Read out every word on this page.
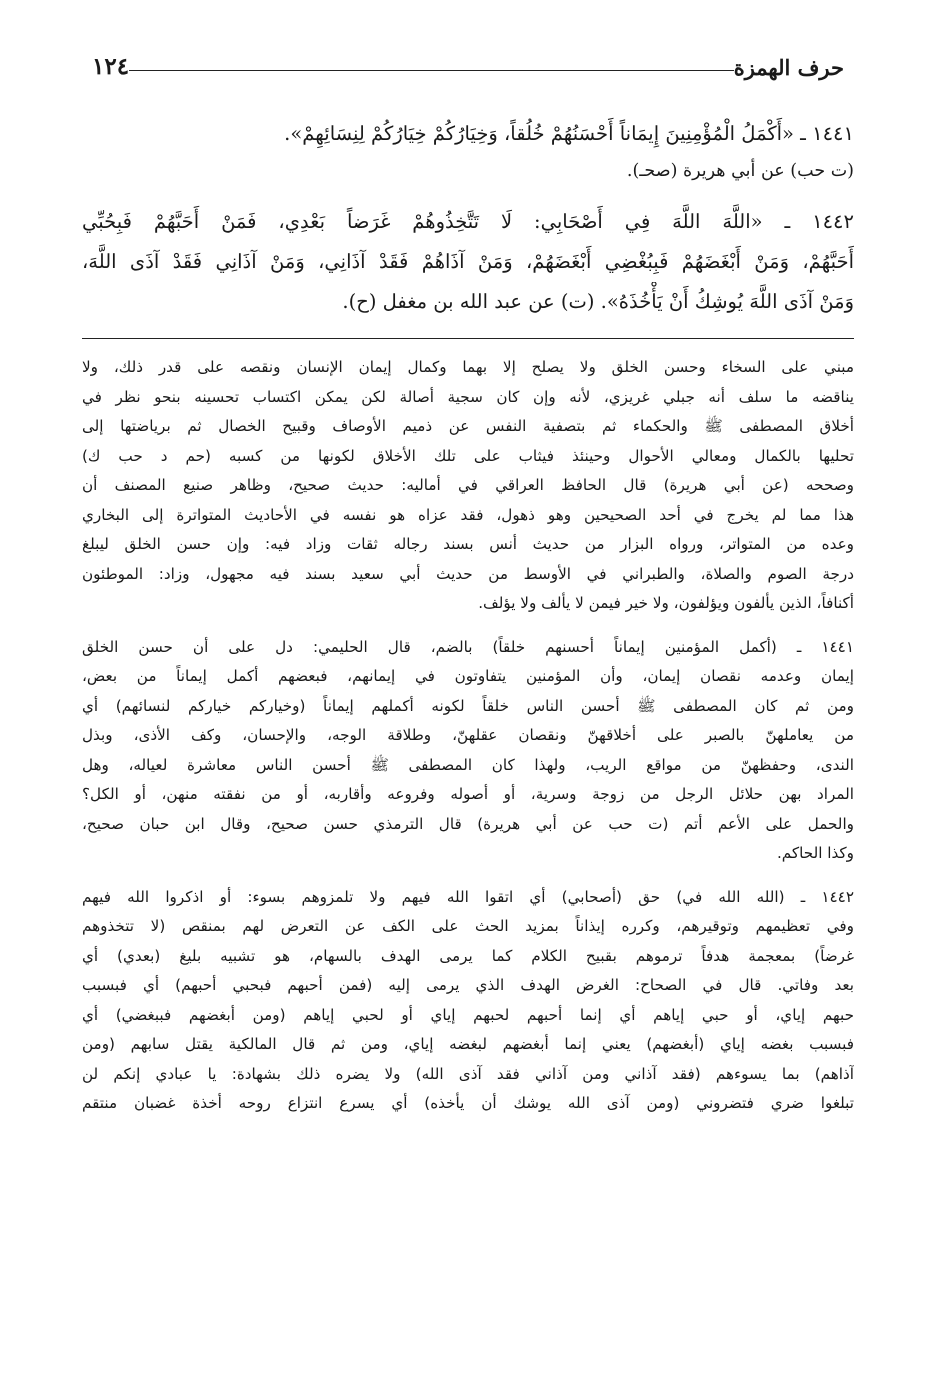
حرف الهمزة
١٢٤
١٤٤١ ـ «أَكْمَلُ الْمُؤْمِنِينَ إِيمَاناً أَحْسَنُهُمْ خُلُقاً، وَخِيَارُكُمْ خِيَارُكُمْ لِنِسَائِهِمْ».
(ت حب) عن أبي هريرة (صحـ).
١٤٤٢ ـ «اللَّهَ اللَّهَ فِي أَصْحَابِي: لَا تَتَّخِذُوهُمْ غَرَضاً بَعْدِي، فَمَنْ أَحَبَّهُمْ فَبِحُبِّي
أَحَبَّهُمْ، وَمَنْ أَبْغَضَهُمْ فَبِبُغْضِي أَبْغَضَهُمْ، وَمَنْ آذَاهُمْ فَقَدْ آذَانِي، وَمَنْ آذَانِي فَقَدْ آذَى اللَّهَ،
وَمَنْ آذَى اللَّهَ يُوشِكُ أَنْ يَأْخُذَهُ». (ت) عن عبد الله بن مغفل (ح).
مبني على السخاء وحسن الخلق ولا يصلح إلا بهما وكمال إيمان الإنسان ونقصه على قدر ذلك، ولا
يناقضه ما سلف أنه جبلي غريزي، لأنه وإن كان سجية أصالة لكن يمكن اكتساب تحسينه بنحو نظر في
أخلاق المصطفى ﷺ والحكماء ثم بتصفية النفس عن ذميم الأوصاف وقبيح الخصال ثم برياضتها إلى
تحليها بالكمال ومعالي الأحوال وحينئذ فيثاب على تلك الأخلاق لكونها من كسبه (حم د حب ك)
وصححه (عن أبي هريرة) قال الحافظ العراقي في أماليه: حديث صحيح، وظاهر صنيع المصنف أن
هذا مما لم يخرج في أحد الصحيحين وهو ذهول، فقد عزاه هو نفسه في الأحاديث المتواترة إلى البخاري
وعده من المتواتر، ورواه البزار من حديث أنس بسند رجاله ثقات وزاد فيه: وإن حسن الخلق ليبلغ
درجة الصوم والصلاة، والطبراني في الأوسط من حديث أبي سعيد بسند فيه مجهول، وزاد: الموطئون
أكنافاً، الذين يألفون ويؤلفون، ولا خير فيمن لا يألف ولا يؤلف.
١٤٤١ ـ (أكمل المؤمنين إيماناً أحسنهم خلقاً) بالضم، قال الحليمي: دل على أن حسن الخلق
إيمان وعدمه نقصان إيمان، وأن المؤمنين يتفاوتون في إيمانهم، فبعضهم أكمل إيماناً من بعض،
ومن ثم كان المصطفى ﷺ أحسن الناس خلقاً لكونه أكملهم إيماناً (وخياركم خياركم لنسائهم) أي
من يعاملهنّ بالصبر على أخلاقهنّ ونقصان عقلهنّ، وطلاقة الوجه، والإحسان، وكف الأذى، وبذل
الندى، وحفظهنّ من مواقع الريب، ولهذا كان المصطفى ﷺ أحسن الناس معاشرة لعياله، وهل
المراد بهن حلائل الرجل من زوجة وسرية، أو أصوله وفروعه وأقاربه، أو من نفقته منهن، أو الكل؟
والحمل على الأعم أتم (ت حب عن أبي هريرة) قال الترمذي حسن صحيح، وقال ابن حبان صحيح،
وكذا الحاكم.
١٤٤٢ ـ (الله الله في) حق (أصحابي) أي اتقوا الله فيهم ولا تلمزوهم بسوء: أو اذكروا الله فيهم
وفي تعظيمهم وتوقيرهم، وكرره إيذاناً بمزيد الحث على الكف عن التعرض لهم بمنقص (لا تتخذوهم
غرضاً) بمعجمة هدفاً ترموهم بقبيح الكلام كما يرمى الهدف بالسهام، هو تشبيه بليغ (بعدي) أي
بعد وفاتي. قال في الصحاح: الغرض الهدف الذي يرمى إليه (فمن أحبهم فبحبي أحبهم) أي فبسبب
حبهم إياي، أو حبي إياهم أي إنما أحبهم لحبهم إياي أو لحبي إياهم (ومن أبغضهم فببغضي) أي
فبسبب بغضه إياي (أبغضهم) يعني إنما أبغضهم لبغضه إياي، ومن ثم قال المالكية يقتل سابهم (ومن
آذاهم) بما يسوءهم (فقد آذاني ومن آذاني فقد آذى الله) ولا يضره ذلك بشهادة: يا عبادي إنكم لن
تبلغوا ضري فتضروني (ومن آذى الله يوشك أن يأخذه) أي يسرع انتزاع روحه أخذة غضبان منتقم
